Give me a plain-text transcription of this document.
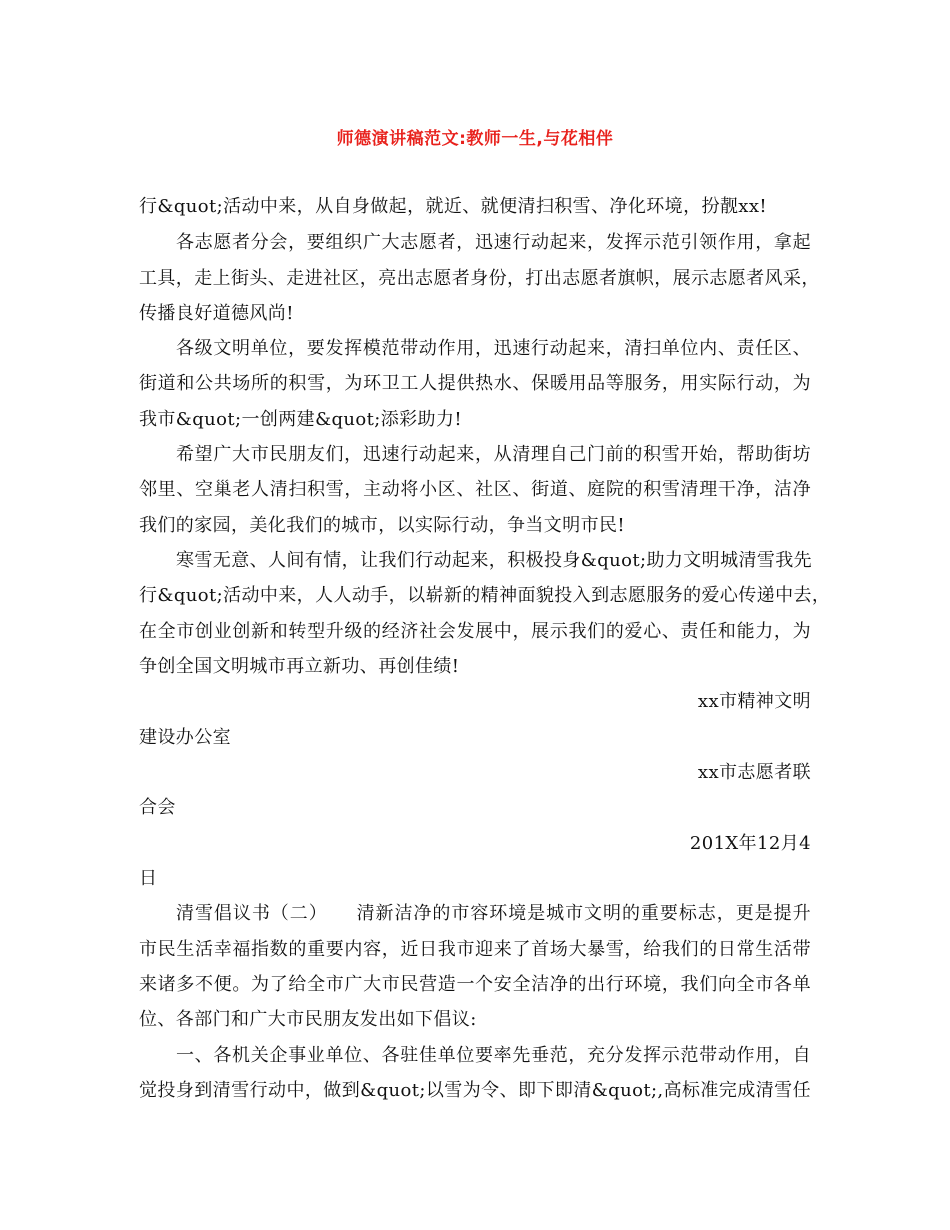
师德演讲稿范文:教师一生,与花相伴
行&quot;活动中来，从自身做起，就近、就便清扫积雪、净化环境，扮靓xx!
各志愿者分会，要组织广大志愿者，迅速行动起来，发挥示范引领作用，拿起
工具，走上街头、走进社区，亮出志愿者身份，打出志愿者旗帜，展示志愿者风采，
传播良好道德风尚!
各级文明单位，要发挥模范带动作用，迅速行动起来，清扫单位内、责任区、
街道和公共场所的积雪，为环卫工人提供热水、保暖用品等服务，用实际行动，为
我市&quot;一创两建&quot;添彩助力!
希望广大市民朋友们，迅速行动起来，从清理自己门前的积雪开始，帮助街坊
邻里、空巢老人清扫积雪，主动将小区、社区、街道、庭院的积雪清理干净，洁净
我们的家园，美化我们的城市，以实际行动，争当文明市民!
寒雪无意、人间有情，让我们行动起来，积极投身&quot;助力文明城清雪我先
行&quot;活动中来，人人动手，以崭新的精神面貌投入到志愿服务的爱心传递中去，
在全市创业创新和转型升级的经济社会发展中，展示我们的爱心、责任和能力，为
争创全国文明城市再立新功、再创佳绩!
xx市精神文明
建设办公室
xx市志愿者联
合会
201X年12月4
日
清雪倡议书（二）　　清新洁净的市容环境是城市文明的重要标志，更是提升
市民生活幸福指数的重要内容，近日我市迎来了首场大暴雪，给我们的日常生活带
来诸多不便。为了给全市广大市民营造一个安全洁净的出行环境，我们向全市各单
位、各部门和广大市民朋友发出如下倡议:
一、各机关企事业单位、各驻佳单位要率先垂范，充分发挥示范带动作用，自
觉投身到清雪行动中，做到&quot;以雪为令、即下即清&quot;,高标准完成清雪任
